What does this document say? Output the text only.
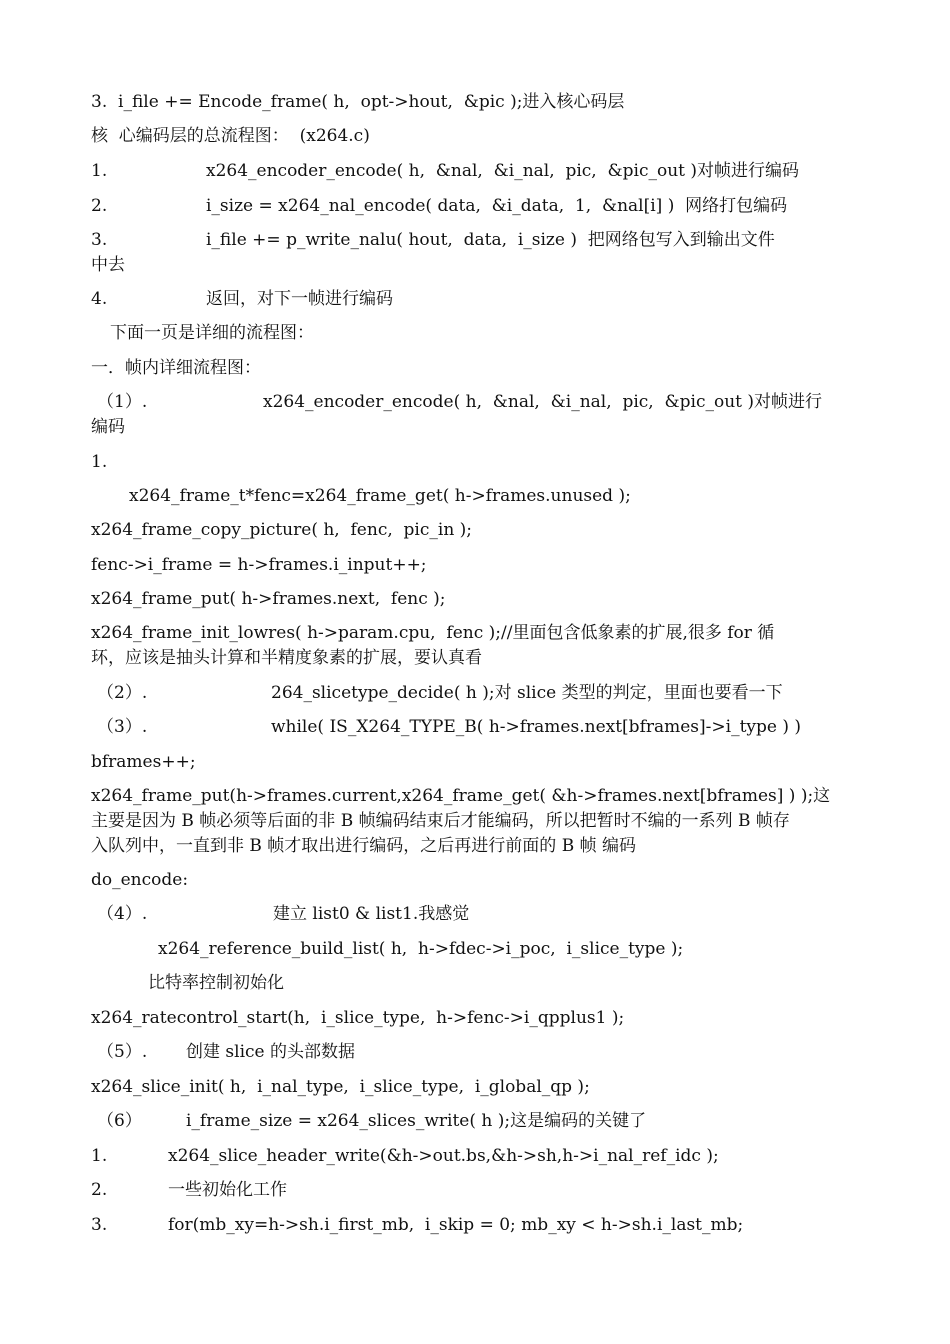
3.  i_file += Encode_frame( h,  opt->hout,  &pic );进入核心码层
核  心编码层的总流程图：  (x264.c)
1.	x264_encoder_encode( h,  &nal,  &i_nal,  pic,  &pic_out )对帧进行编码
2.	i_size = x264_nal_encode( data,  &i_data,  1,  &nal[i] )  网络打包编码
3.	i_file += p_write_nalu( hout,  data,  i_size )  把网络包写入到输出文件
中去
4.	返回，对下一帧进行编码
下面一页是详细的流程图：
一．帧内详细流程图：
（1）.	x264_encoder_encode( h,  &nal,  &i_nal,  pic,  &pic_out )对帧进行
编码
1.
x264_frame_t*fenc=x264_frame_get( h->frames.unused );
x264_frame_copy_picture( h,  fenc,  pic_in );
fenc->i_frame = h->frames.i_input++;
x264_frame_put( h->frames.next,  fenc );
x264_frame_init_lowres( h->param.cpu,  fenc );//里面包含低象素的扩展,很多 for 循
环，应该是抽头计算和半精度象素的扩展，要认真看
（2）.	264_slicetype_decide( h );对 slice 类型的判定，里面也要看一下
（3）.	while( IS_X264_TYPE_B( h->frames.next[bframes]->i_type ) )
bframes++;
x264_frame_put(h->frames.current,x264_frame_get( &h->frames.next[bframes] ) );这
主要是因为 B 帧必须等后面的非 B 帧编码结束后才能编码，所以把暂时不编的一系列 B 帧存
入队列中，一直到非 B 帧才取出进行编码，之后再进行前面的 B 帧 编码
do_encode:
（4）.	建立 list0 & list1.我感觉
x264_reference_build_list( h,  h->fdec->i_poc,  i_slice_type );
比特率控制初始化
x264_ratecontrol_start(h,  i_slice_type,  h->fenc->i_qpplus1 );
（5）. 创建 slice 的头部数据
x264_slice_init( h,  i_nal_type,  i_slice_type,  i_global_qp );
（6）	i_frame_size = x264_slices_write( h );这是编码的关键了
1.	x264_slice_header_write(&h->out.bs,&h->sh,h->i_nal_ref_idc );
2.	一些初始化工作
3.	for(mb_xy=h->sh.i_first_mb,  i_skip = 0; mb_xy < h->sh.i_last_mb;
